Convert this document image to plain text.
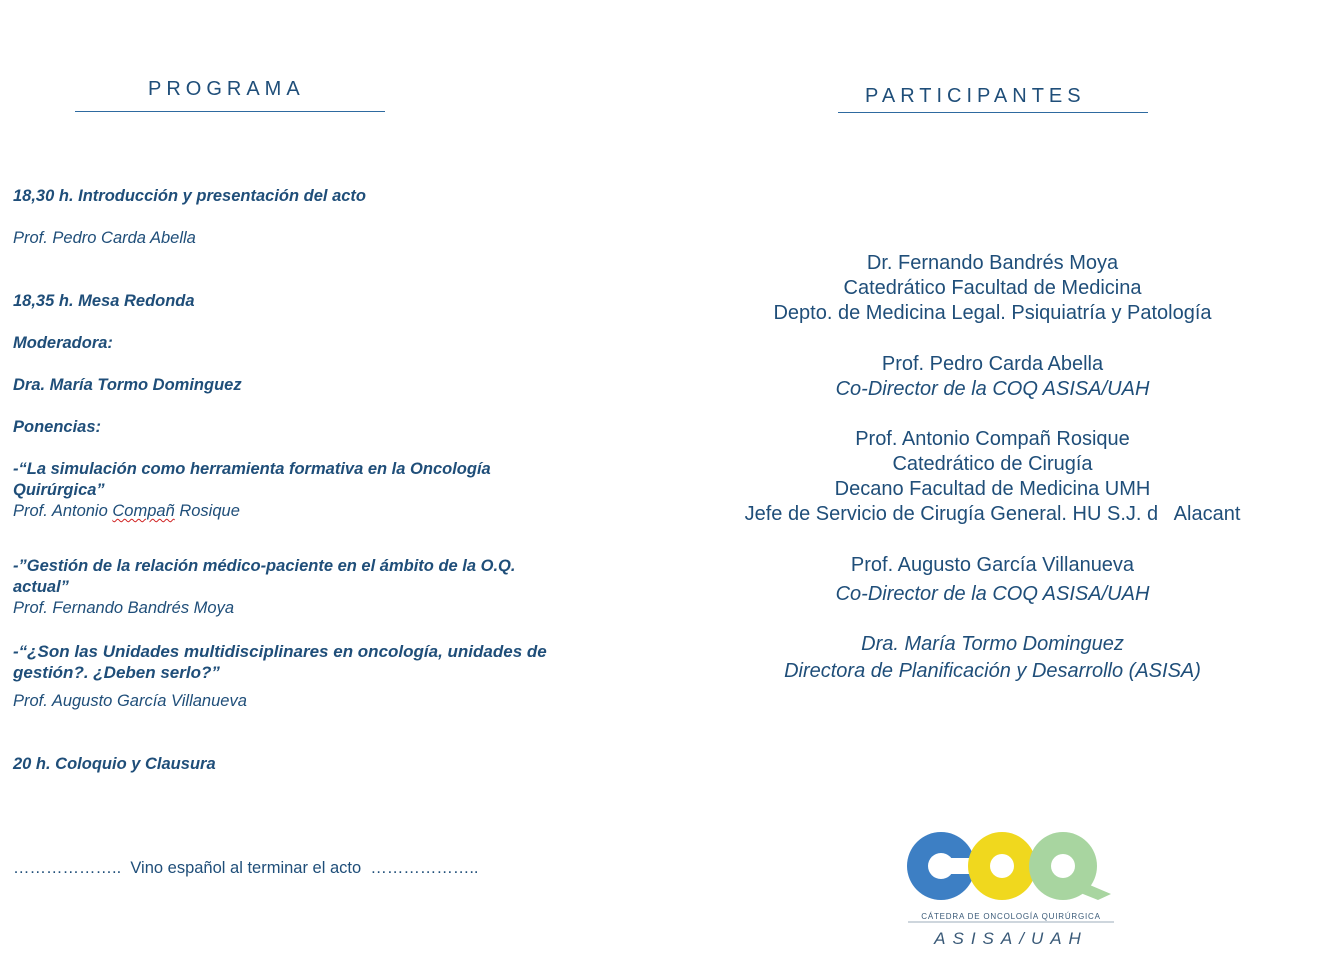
PROGRAMA
18,30 h. Introducción y presentación del acto
Prof. Pedro Carda Abella
18,35 h. Mesa Redonda
Moderadora:
Dra. María Tormo Dominguez
Ponencias:
-“La simulación como herramienta formativa en la Oncología
Quirúrgica”
Prof. Antonio Compañ Rosique
-”Gestión de la relación médico-paciente en el ámbito de la O.Q.
actual”
Prof. Fernando Bandrés Moya
-“¿Son las Unidades multidisciplinares en oncología, unidades de
gestión?. ¿Deben serlo?”
Prof. Augusto García Villanueva
20 h. Coloquio y Clausura
………………..  Vino español al terminar el acto  ………………..
PARTICIPANTES
Dr. Fernando Bandrés Moya
Catedrático Facultad de Medicina
Depto. de Medicina Legal. Psiquiatría y Patología
Prof. Pedro Carda Abella
Co-Director de la COQ ASISA/UAH
Prof. Antonio Compañ Rosique
Catedrático de Cirugía
Decano Facultad de Medicina UMH
Jefe de Servicio de Cirugía General. HU S.J. d   Alacant
Prof. Augusto García Villanueva
Co-Director de la COQ ASISA/UAH
Dra. María Tormo Dominguez
Directora de Planificación y Desarrollo (ASISA)
CÁTEDRA DE ONCOLOGÍA QUIRÚRGICA
ASISA/UAH
